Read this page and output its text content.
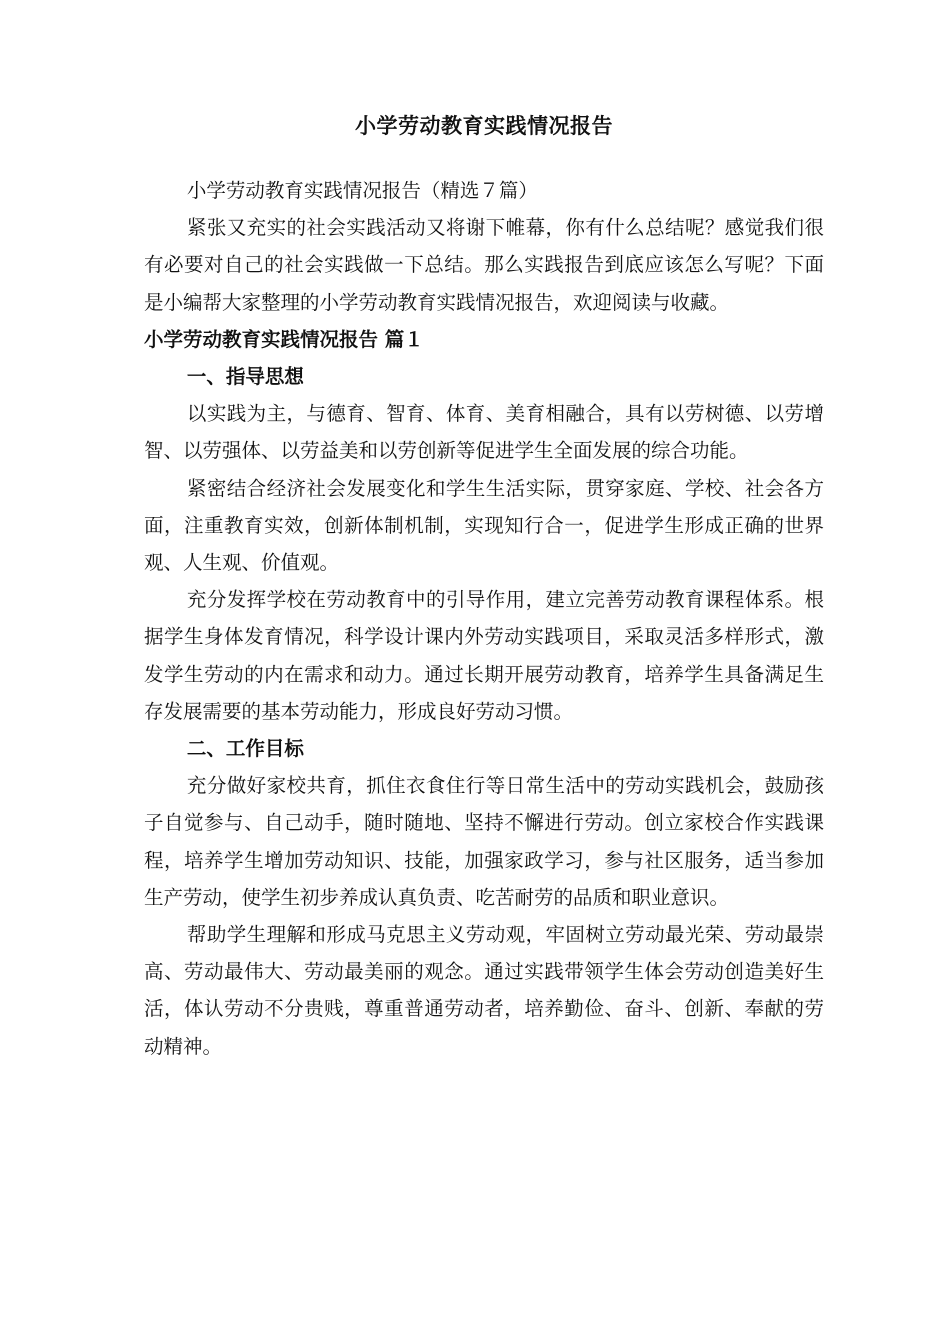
小学劳动教育实践情况报告

小学劳动教育实践情况报告（精选７篇）

紧张又充实的社会实践活动又将谢下帷幕，你有什么总结呢？感觉我们很有必要对自己的社会实践做一下总结。那么实践报告到底应该怎么写呢？下面是小编帮大家整理的小学劳动教育实践情况报告，欢迎阅读与收藏。

小学劳动教育实践情况报告 篇１

一、指导思想

以实践为主，与德育、智育、体育、美育相融合，具有以劳树德、以劳增智、以劳强体、以劳益美和以劳创新等促进学生全面发展的综合功能。

紧密结合经济社会发展变化和学生生活实际，贯穿家庭、学校、社会各方面，注重教育实效，创新体制机制，实现知行合一，促进学生形成正确的世界观、人生观、价值观。

充分发挥学校在劳动教育中的引导作用，建立完善劳动教育课程体系。根据学生身体发育情况，科学设计课内外劳动实践项目，采取灵活多样形式，激发学生劳动的内在需求和动力。通过长期开展劳动教育，培养学生具备满足生存发展需要的基本劳动能力，形成良好劳动习惯。

二、工作目标

充分做好家校共育，抓住衣食住行等日常生活中的劳动实践机会，鼓励孩子自觉参与、自己动手，随时随地、坚持不懈进行劳动。创立家校合作实践课程，培养学生增加劳动知识、技能，加强家政学习，参与社区服务，适当参加生产劳动，使学生初步养成认真负责、吃苦耐劳的品质和职业意识。

帮助学生理解和形成马克思主义劳动观，牢固树立劳动最光荣、劳动最崇高、劳动最伟大、劳动最美丽的观念。通过实践带领学生体会劳动创造美好生活，体认劳动不分贵贱，尊重普通劳动者，培养勤俭、奋斗、创新、奉献的劳动精神。
